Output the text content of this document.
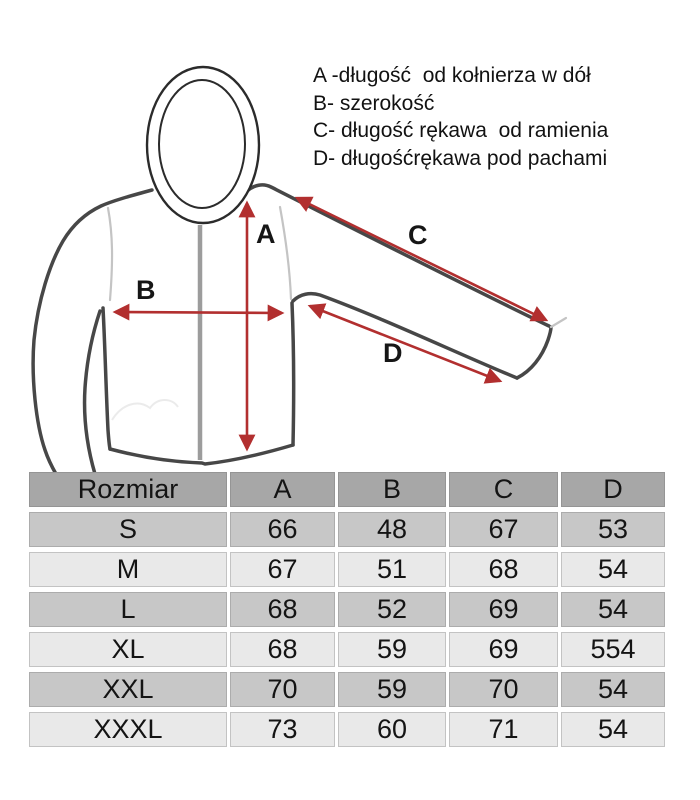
A -długość  od kołnierza w dół
B- szerokość
C- długość rękawa  od ramienia
D- długośćrękawa pod pachami
A
B
C
D
Rozmiar	A	B	C	D
S	66	48	67	53
M	67	51	68	54
L	68	52	69	54
XL	68	59	69	554
XXL	70	59	70	54
XXXL	73	60	71	54
